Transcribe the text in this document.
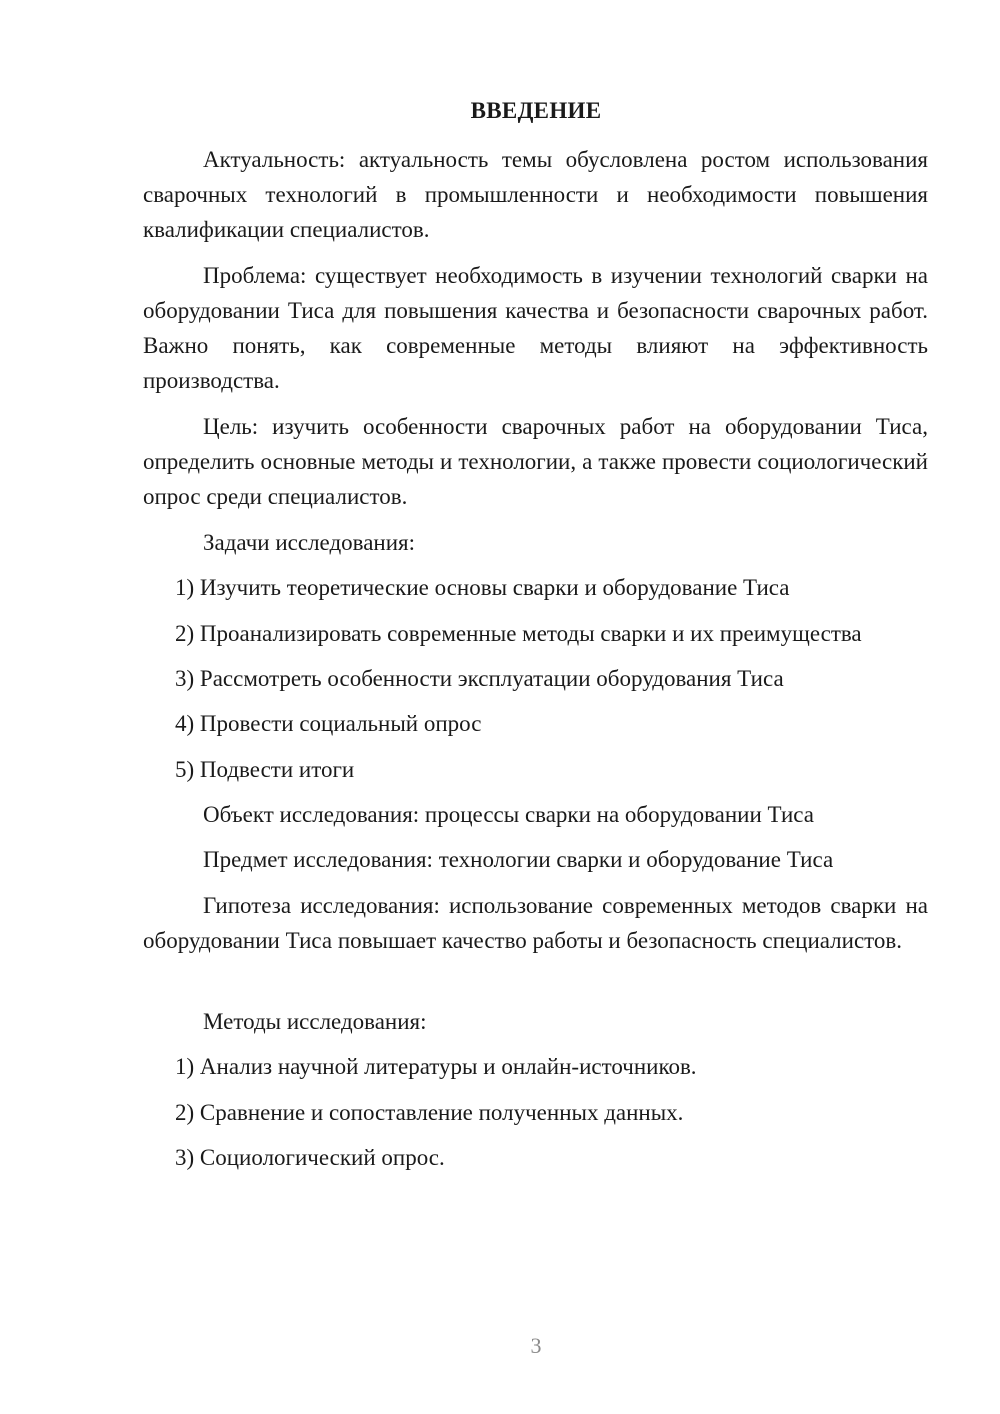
ВВЕДЕНИЕ

Актуальность: актуальность темы обусловлена ростом использования сварочных технологий в промышленности и необходимости повышения квалификации специалистов.

Проблема: существует необходимость в изучении технологий сварки на оборудовании Тиса для повышения качества и безопасности сварочных работ. Важно понять, как современные методы влияют на эффективность производства.

Цель: изучить особенности сварочных работ на оборудовании Тиса, определить основные методы и технологии, а также провести социологический опрос среди специалистов.

Задачи исследования:

1) Изучить теоретические основы сварки и оборудование Тиса

2) Проанализировать современные методы сварки и их преимущества

3) Рассмотреть особенности эксплуатации оборудования Тиса

4) Провести социальный опрос

5) Подвести итоги

Объект исследования: процессы сварки на оборудовании Тиса

Предмет исследования: технологии сварки и оборудование Тиса

Гипотеза исследования: использование современных методов сварки на оборудовании Тиса повышает качество работы и безопасность специалистов.

Методы исследования:

1) Анализ научной литературы и онлайн-источников.

2) Сравнение и сопоставление полученных данных.

3) Социологический опрос.

3
